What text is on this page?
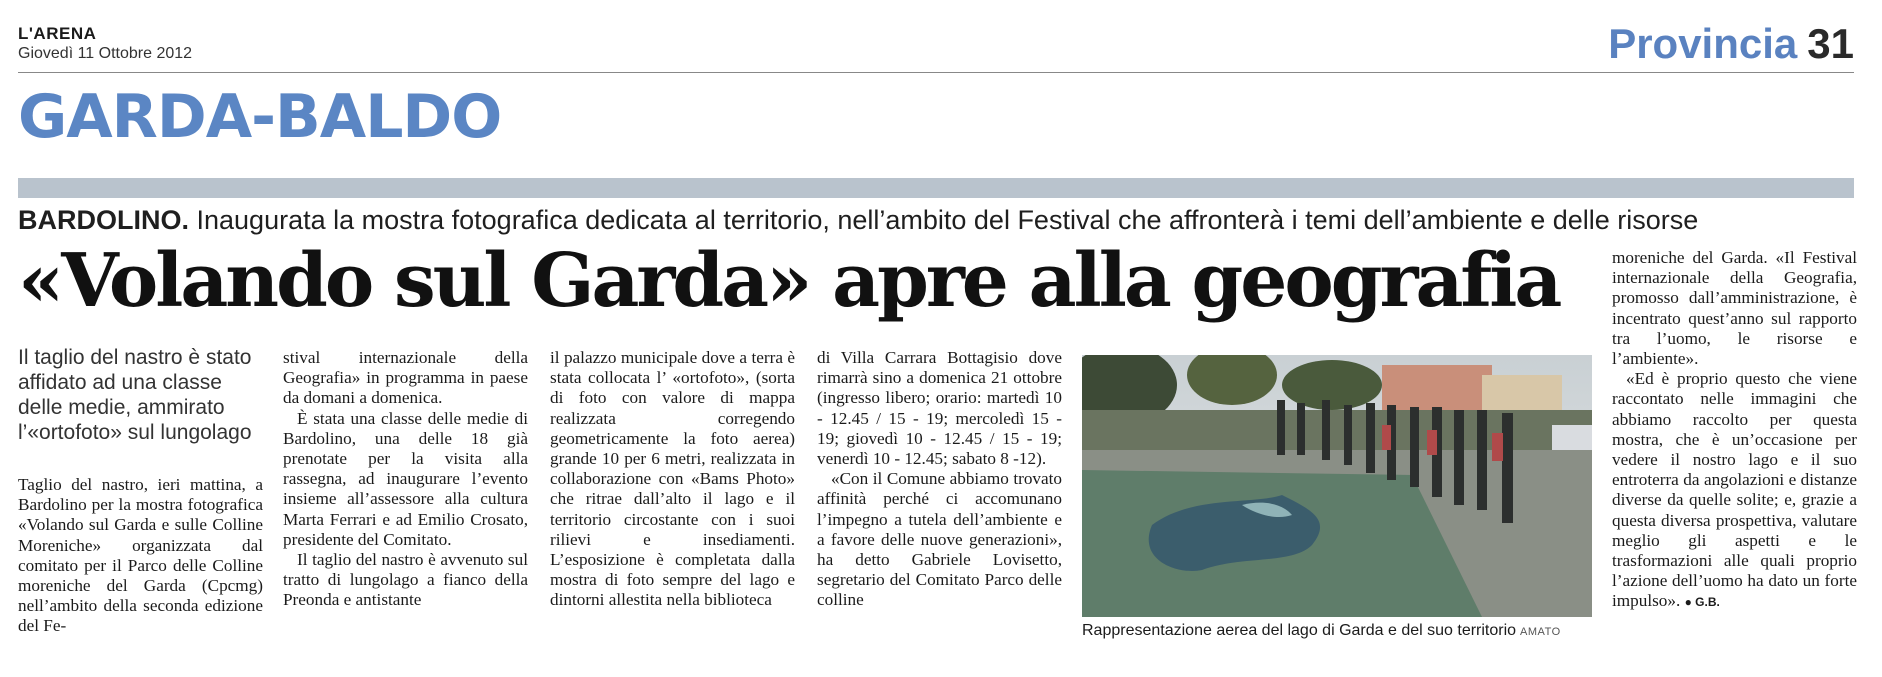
L'ARENA
Giovedì 11 Ottobre 2012	Provincia 31
GARDA-BALDO
BARDOLINO. Inaugurata la mostra fotografica dedicata al territorio, nell’ambito del Festival che affronterà i temi dell’ambiente e delle risorse
«Volando sul Garda» apre alla geografia
Il taglio del nastro è stato affidato ad una classe delle medie, ammirato l’«ortofoto» sul lungolago

Taglio del nastro, ieri mattina, a Bardolino per la mostra fotografica «Volando sul Garda e sulle Colline Moreniche» organizzata dal comitato per il Parco delle Colline moreniche del Garda (Cpcmg) nell’ambito della seconda edizione del Fe-

stival internazionale della Geografia» in programma in paese da domani a domenica.

È stata una classe delle medie di Bardolino, una delle 18 già prenotate per la visita alla rassegna, ad inaugurare l’evento insieme all’assessore alla cultura Marta Ferrari e ad Emilio Crosato, presidente del Comitato.

Il taglio del nastro è avvenuto sul tratto di lungolago a fianco della Preonda e antistante

il palazzo municipale dove a terra è stata collocata l’ «ortofoto», (sorta di foto con valore di mappa realizzata corregendo geometricamente la foto aerea) grande 10 per 6 metri, realizzata in collaborazione con «Bams Photo» che ritrae dall’alto il lago e il territorio circostante con i suoi rilievi e insediamenti. L’esposizione è completata dalla mostra di foto sempre del lago e dintorni allestita nella biblioteca

di Villa Carrara Bottagisio dove rimarrà sino a domenica 21 ottobre (ingresso libero; orario: martedì 10 - 12.45 / 15 - 19; mercoledì 15 - 19; giovedì 10 - 12.45 / 15 - 19; venerdì 10 - 12.45; sabato 8 -12).

«Con il Comune abbiamo trovato affinità perché ci accomunano l’impegno a tutela dell’ambiente e a favore delle nuove generazioni», ha detto Gabriele Lovisetto, segretario del Comitato Parco delle colline

Rappresentazione aerea del lago di Garda e del suo territorio AMATO

moreniche del Garda. «Il Festival internazionale della Geografia, promosso dall’amministrazione, è incentrato quest’anno sul rapporto tra l’uomo, le risorse e l’ambiente».

«Ed è proprio questo che viene raccontato nelle immagini che abbiamo raccolto per questa mostra, che è un’occasione per vedere il nostro lago e il suo entroterra da angolazioni e distanze diverse da quelle solite; e, grazie a questa diversa prospettiva, valutare meglio gli aspetti e le trasformazioni alle quali proprio l’azione dell’uomo ha dato un forte impulso». ● G.B.
